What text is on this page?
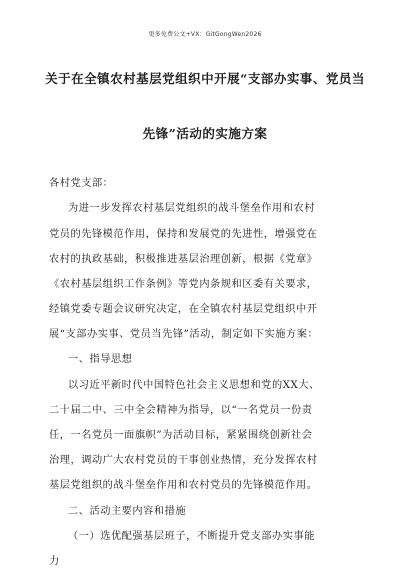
更多免费公文+VX：GitGongWen2026
关于在全镇农村基层党组织中开展“支部办实事、党员当
先锋”活动的实施方案
各村党支部：
为进一步发挥农村基层党组织的战斗堡垒作用和农村
党员的先锋模范作用，保持和发展党的先进性，增强党在
农村的执政基础，积极推进基层治理创新，根据《党章》
《农村基层组织工作条例》等党内条规和区委有关要求，
经镇党委专题会议研究决定，在全镇农村基层党组织中开
展“支部办实事、党员当先锋”活动，制定如下实施方案：
一、指导思想
以习近平新时代中国特色社会主义思想和党的XX大、
二十届二中、三中全会精神为指导，以“一名党员一份责
任，一名党员一面旗帜”为活动目标，紧紧围绕创新社会
治理，调动广大农村党员的干事创业热情，充分发挥农村
基层党组织的战斗堡垒作用和农村党员的先锋模范作用。
二、活动主要内容和措施
（一）选优配强基层班子，不断提升党支部办实事能
力
